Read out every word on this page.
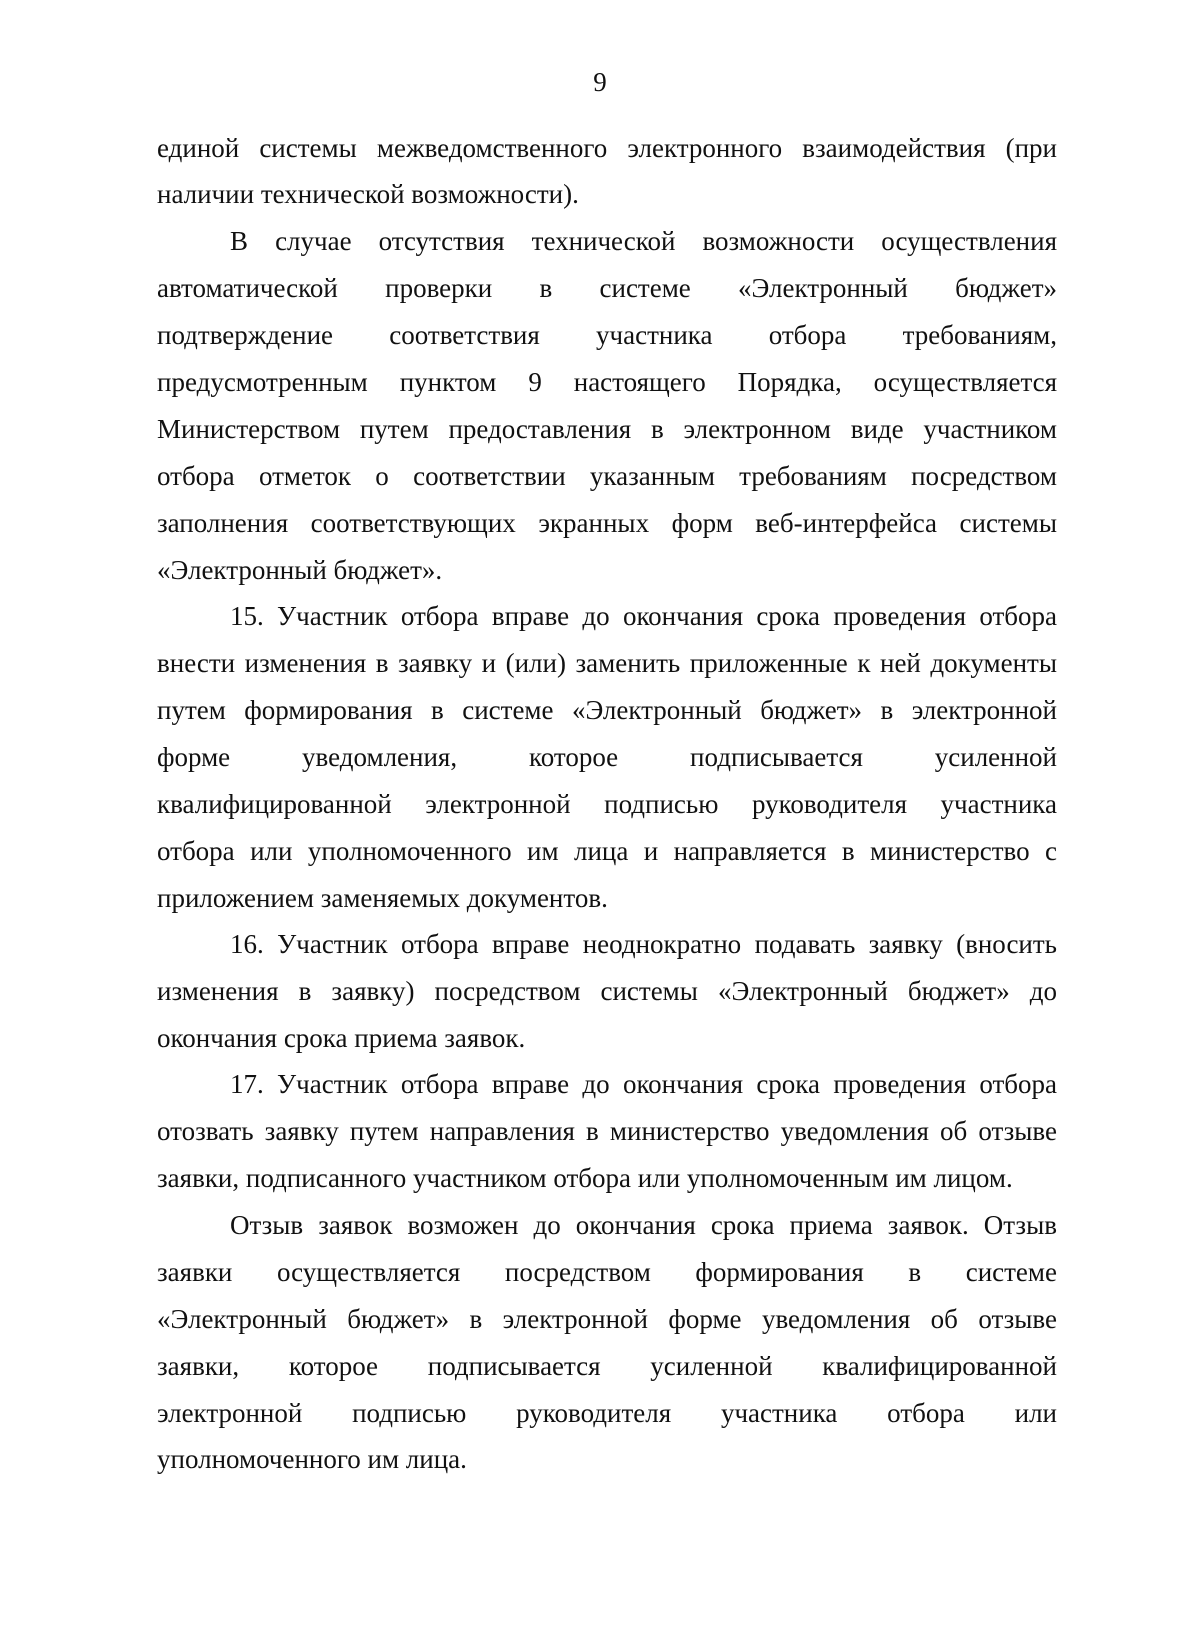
9
единой системы межведомственного электронного взаимодействия (при
наличии технической возможности).
В случае отсутствия технической возможности осуществления
автоматической проверки в системе «Электронный бюджет»
подтверждение соответствия участника отбора требованиям,
предусмотренным пунктом 9 настоящего Порядка, осуществляется
Министерством путем предоставления в электронном виде участником
отбора отметок о соответствии указанным требованиям посредством
заполнения соответствующих экранных форм веб-интерфейса системы
«Электронный бюджет».
15. Участник отбора вправе до окончания срока проведения отбора
внести изменения в заявку и (или) заменить приложенные к ней документы
путем формирования в системе «Электронный бюджет» в электронной
форме уведомления, которое подписывается усиленной
квалифицированной электронной подписью руководителя участника
отбора или уполномоченного им лица и направляется в министерство с
приложением заменяемых документов.
16. Участник отбора вправе неоднократно подавать заявку (вносить
изменения в заявку) посредством системы «Электронный бюджет» до
окончания срока приема заявок.
17. Участник отбора вправе до окончания срока проведения отбора
отозвать заявку путем направления в министерство уведомления об отзыве
заявки, подписанного участником отбора или уполномоченным им лицом.
Отзыв заявок возможен до окончания срока приема заявок. Отзыв
заявки осуществляется посредством формирования в системе
«Электронный бюджет» в электронной форме уведомления об отзыве
заявки, которое подписывается усиленной квалифицированной
электронной подписью руководителя участника отбора или
уполномоченного им лица.
